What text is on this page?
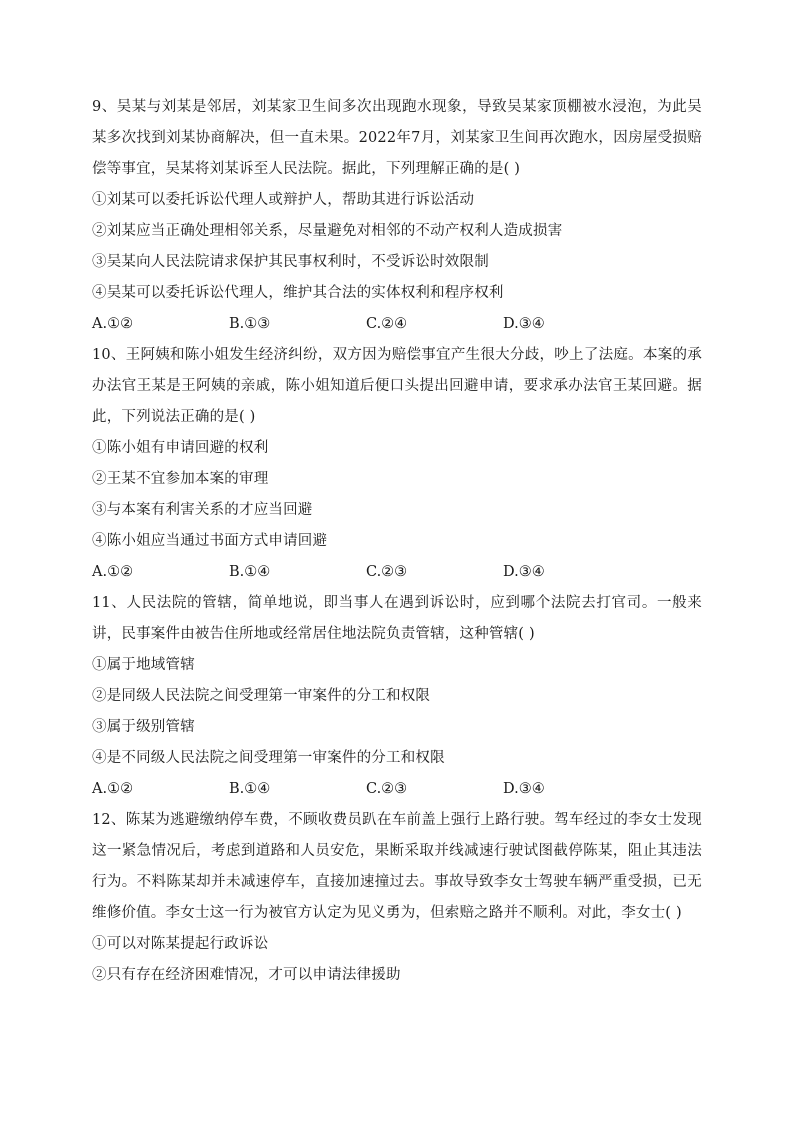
9、吴某与刘某是邻居，刘某家卫生间多次出现跑水现象，导致吴某家顶棚被水浸泡，为此吴某多次找到刘某协商解决，但一直未果。2022年7月，刘某家卫生间再次跑水，因房屋受损赔偿等事宜，吴某将刘某诉至人民法院。据此，下列理解正确的是( )

①刘某可以委托诉讼代理人或辩护人，帮助其进行诉讼活动

②刘某应当正确处理相邻关系，尽量避免对相邻的不动产权利人造成损害

③吴某向人民法院请求保护其民事权利时，不受诉讼时效限制

④吴某可以委托诉讼代理人，维护其合法的实体权利和程序权利

A.①②	B.①③	C.②④	D.③④

10、王阿姨和陈小姐发生经济纠纷，双方因为赔偿事宜产生很大分歧，吵上了法庭。本案的承办法官王某是王阿姨的亲戚，陈小姐知道后便口头提出回避申请，要求承办法官王某回避。据此，下列说法正确的是( )

①陈小姐有申请回避的权利

②王某不宜参加本案的审理

③与本案有利害关系的才应当回避

④陈小姐应当通过书面方式申请回避

A.①②	B.①④	C.②③	D.③④

11、人民法院的管辖，简单地说，即当事人在遇到诉讼时，应到哪个法院去打官司。一般来讲，民事案件由被告住所地或经常居住地法院负责管辖，这种管辖( )

①属于地域管辖

②是同级人民法院之间受理第一审案件的分工和权限

③属于级别管辖

④是不同级人民法院之间受理第一审案件的分工和权限

A.①②	B.①④	C.②③	D.③④

12、陈某为逃避缴纳停车费，不顾收费员趴在车前盖上强行上路行驶。驾车经过的李女士发现这一紧急情况后，考虑到道路和人员安危，果断采取并线减速行驶试图截停陈某，阻止其违法行为。不料陈某却并未减速停车，直接加速撞过去。事故导致李女士驾驶车辆严重受损，已无维修价值。李女士这一行为被官方认定为见义勇为，但索赔之路并不顺利。对此，李女士( )

①可以对陈某提起行政诉讼

②只有存在经济困难情况，才可以申请法律援助
